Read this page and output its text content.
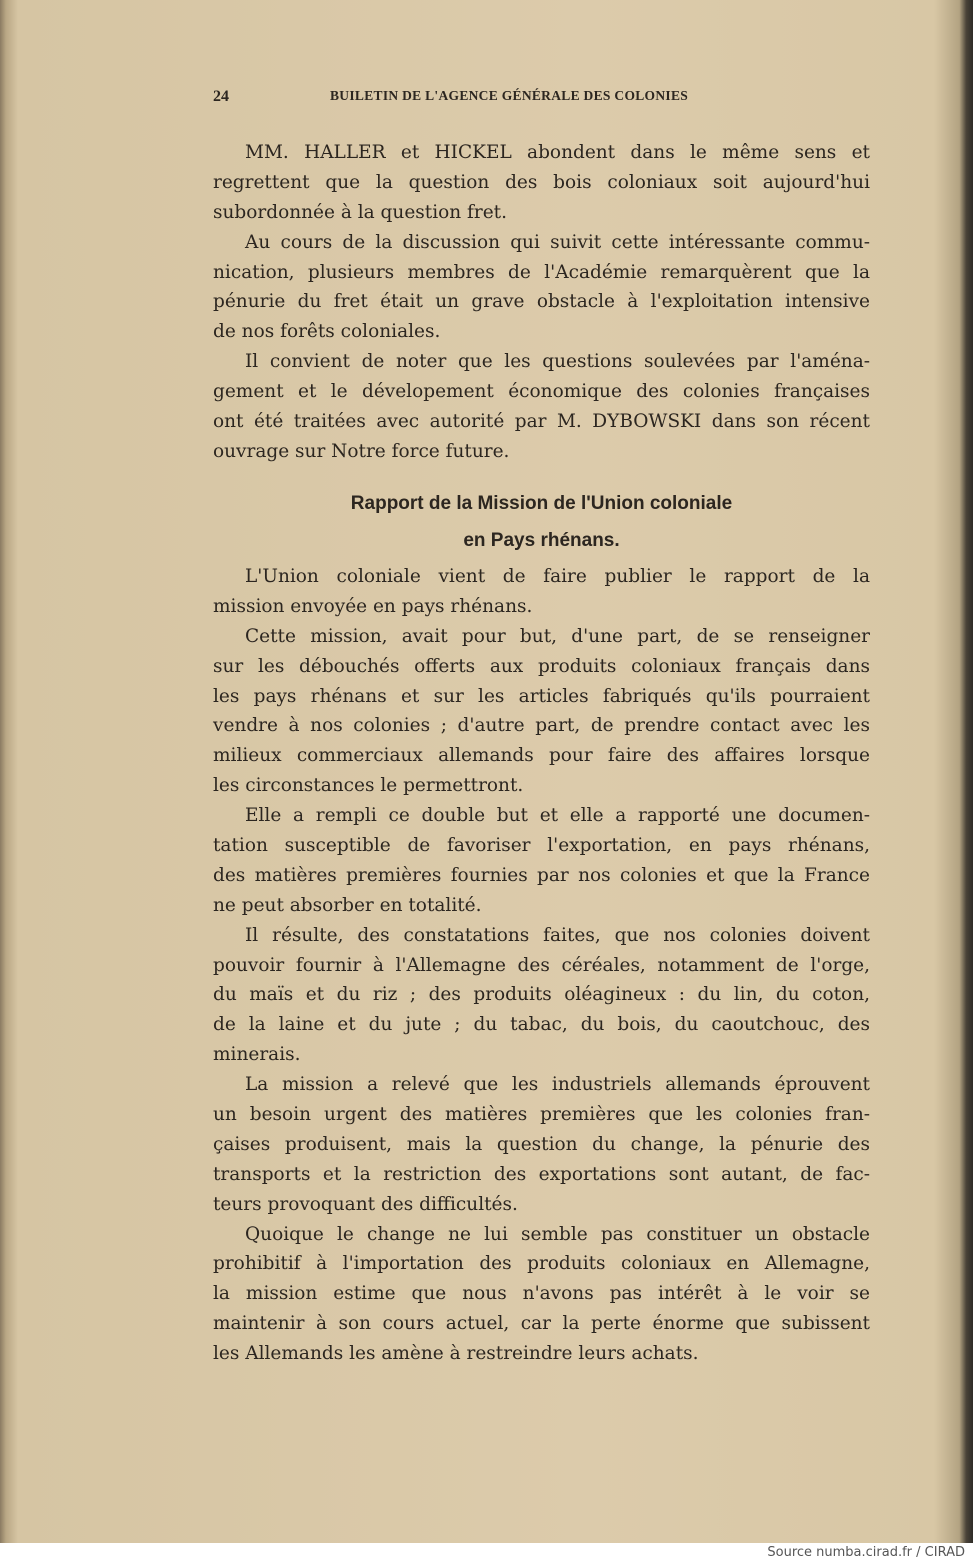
24	BUILETIN DE L'AGENCE GÉNÉRALE DES COLONIES
MM. HALLER et HICKEL abondent dans le même sens et
regrettent que la question des bois coloniaux soit aujourd'hui
subordonnée à la question fret.
Au cours de la discussion qui suivit cette intéressante commu-
nication, plusieurs membres de l'Académie remarquèrent que la
pénurie du fret était un grave obstacle à l'exploitation intensive
de nos forêts coloniales.
Il convient de noter que les questions soulevées par l'aména-
gement et le dévelopement économique des colonies françaises
ont été traitées avec autorité par M. DYBOWSKI dans son récent
ouvrage sur Notre force future.
Rapport de la Mission de l'Union coloniale
en Pays rhénans.
L'Union coloniale vient de faire publier le rapport de la
mission envoyée en pays rhénans.
Cette mission, avait pour but, d'une part, de se renseigner
sur les débouchés offerts aux produits coloniaux français dans
les pays rhénans et sur les articles fabriqués qu'ils pourraient
vendre à nos colonies ; d'autre part, de prendre contact avec les
milieux commerciaux allemands pour faire des affaires lorsque
les circonstances le permettront.
Elle a rempli ce double but et elle a rapporté une documen-
tation susceptible de favoriser l'exportation, en pays rhénans,
des matières premières fournies par nos colonies et que la France
ne peut absorber en totalité.
Il résulte, des constatations faites, que nos colonies doivent
pouvoir fournir à l'Allemagne des céréales, notamment de l'orge,
du maïs et du riz ; des produits oléagineux : du lin, du coton,
de la laine et du jute ; du tabac, du bois, du caoutchouc, des
minerais.
La mission a relevé que les industriels allemands éprouvent
un besoin urgent des matières premières que les colonies fran-
çaises produisent, mais la question du change, la pénurie des
transports et la restriction des exportations sont autant, de fac-
teurs provoquant des difficultés.
Quoique le change ne lui semble pas constituer un obstacle
prohibitif à l'importation des produits coloniaux en Allemagne,
la mission estime que nous n'avons pas intérêt à le voir se
maintenir à son cours actuel, car la perte énorme que subissent
les Allemands les amène à restreindre leurs achats.
Source numba.cirad.fr / CIRAD
